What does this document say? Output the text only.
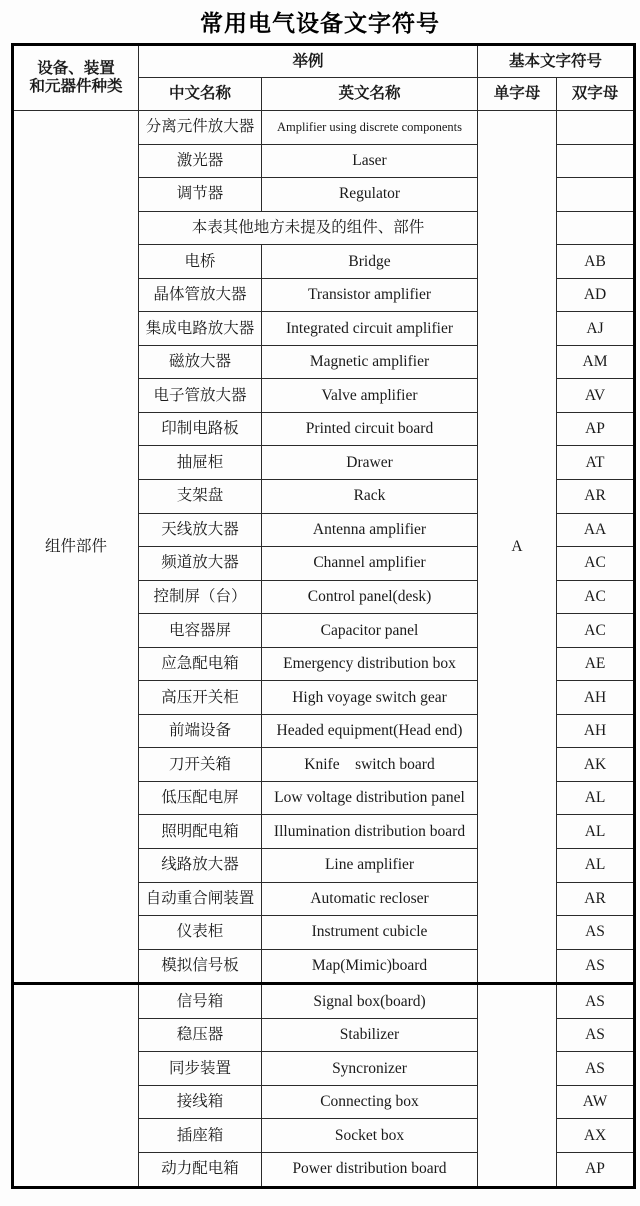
常用电气设备文字符号
设备、装置
和元器件种类	举例		基本文字符号	
	中文名称	英文名称	单字母	双字母
组件部件	分离元件放大器	Amplifier using discrete components	A	
	激光器	Laser		
	调节器	Regulator		
	本表其他地方未提及的组件、部件			
	电桥	Bridge		AB
	晶体管放大器	Transistor amplifier		AD
	集成电路放大器	Integrated circuit amplifier		AJ
	磁放大器	Magnetic amplifier		AM
	电子管放大器	Valve amplifier		AV
	印制电路板	Printed circuit board		AP
	抽屉柜	Drawer		AT
	支架盘	Rack		AR
	天线放大器	Antenna amplifier		AA
	频道放大器	Channel amplifier		AC
	控制屏（台）	Control panel(desk)		AC
	电容器屏	Capacitor panel		AC
	应急配电箱	Emergency distribution box		AE
	高压开关柜	High voyage switch gear		AH
	前端设备	Headed equipment(Head end)		AH
	刀开关箱	Knife　switch board		AK
	低压配电屏	Low voltage distribution panel		AL
	照明配电箱	Illumination distribution board		AL
	线路放大器	Line amplifier		AL
	自动重合闸装置	Automatic recloser		AR
	仪表柜	Instrument cubicle		AS
	模拟信号板	Map(Mimic)board		AS
	信号箱	Signal box(board)		AS
	稳压器	Stabilizer		AS
	同步装置	Syncronizer		AS
	接线箱	Connecting box		AW
	插座箱	Socket box		AX
	动力配电箱	Power distribution board		AP
